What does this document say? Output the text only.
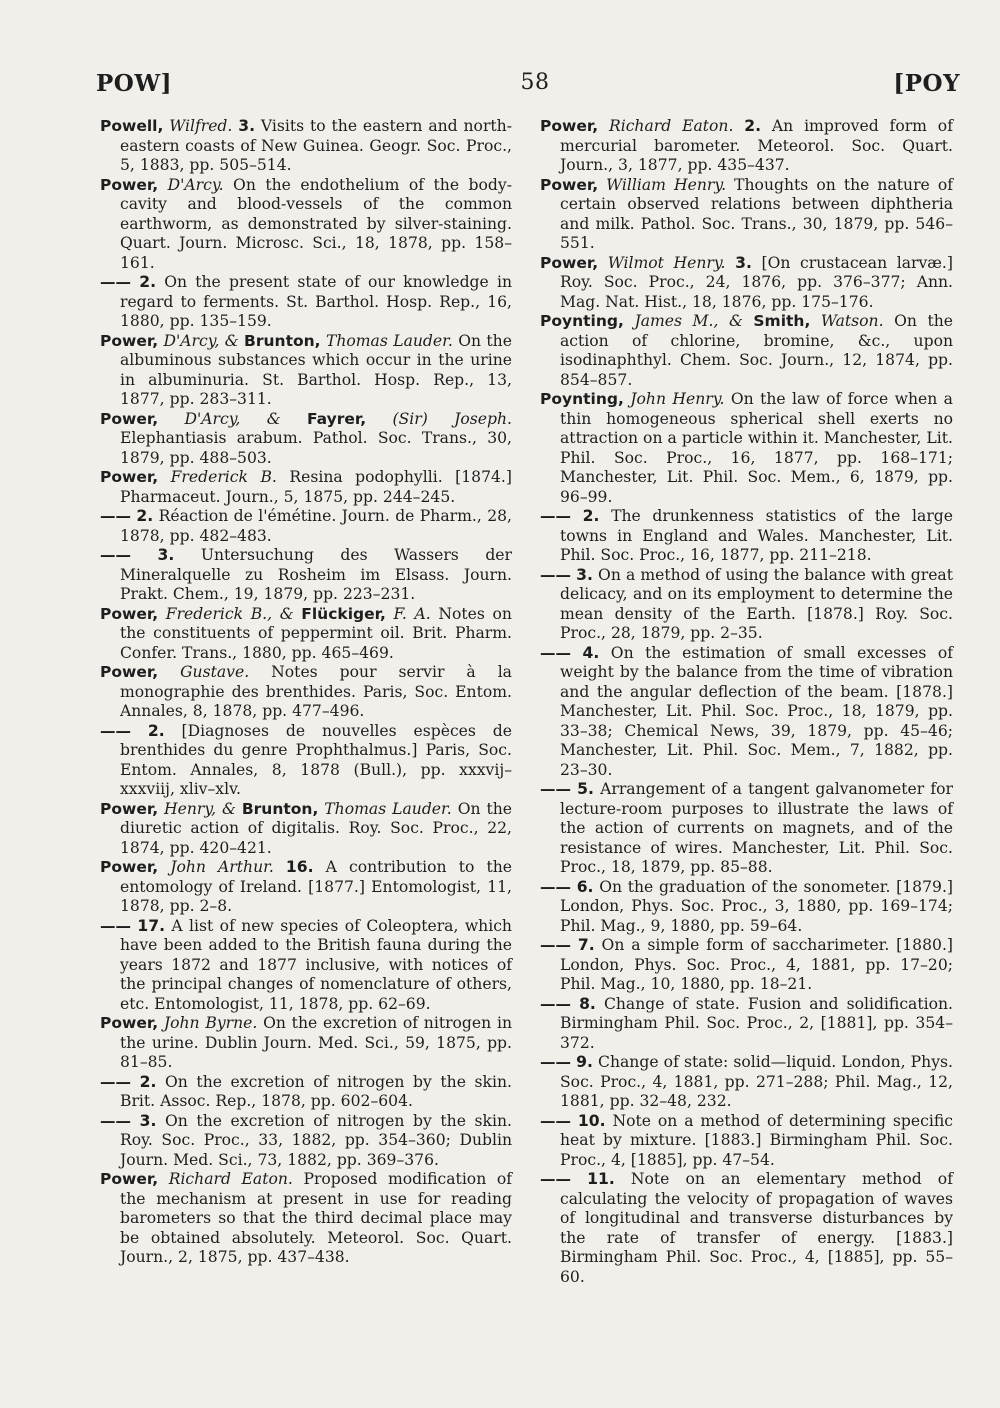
POW]	58	[POY
Powell, Wilfred. 3. Visits to the eastern and north-eastern coasts of New Guinea. Geogr. Soc. Proc., 5, 1883, pp. 505–514.
Power, D'Arcy. On the endothelium of the body-cavity and blood-vessels of the common earthworm, as demonstrated by silver-staining. Quart. Journ. Microsc. Sci., 18, 1878, pp. 158–161.
—— 2. On the present state of our knowledge in regard to ferments. St. Barthol. Hosp. Rep., 16, 1880, pp. 135–159.
Power, D'Arcy, & Brunton, Thomas Lauder. On the albuminous substances which occur in the urine in albuminuria. St. Barthol. Hosp. Rep., 13, 1877, pp. 283–311.
Power, D'Arcy, & Fayrer, (Sir) Joseph. Elephantiasis arabum. Pathol. Soc. Trans., 30, 1879, pp. 488–503.
Power, Frederick B. Resina podophylli. [1874.] Pharmaceut. Journ., 5, 1875, pp. 244–245.
—— 2. Réaction de l'émétine. Journ. de Pharm., 28, 1878, pp. 482–483.
—— 3. Untersuchung des Wassers der Mineralquelle zu Rosheim im Elsass. Journ. Prakt. Chem., 19, 1879, pp. 223–231.
Power, Frederick B., & Flückiger, F. A. Notes on the constituents of peppermint oil. Brit. Pharm. Confer. Trans., 1880, pp. 465–469.
Power, Gustave. Notes pour servir à la monographie des brenthides. Paris, Soc. Entom. Annales, 8, 1878, pp. 477–496.
—— 2. [Diagnoses de nouvelles espèces de brenthides du genre Prophthalmus.] Paris, Soc. Entom. Annales, 8, 1878 (Bull.), pp. xxxvij–xxxviij, xliv–xlv.
Power, Henry, & Brunton, Thomas Lauder. On the diuretic action of digitalis. Roy. Soc. Proc., 22, 1874, pp. 420–421.
Power, John Arthur. 16. A contribution to the entomology of Ireland. [1877.] Entomologist, 11, 1878, pp. 2–8.
—— 17. A list of new species of Coleoptera, which have been added to the British fauna during the years 1872 and 1877 inclusive, with notices of the principal changes of nomenclature of others, etc. Entomologist, 11, 1878, pp. 62–69.
Power, John Byrne. On the excretion of nitrogen in the urine. Dublin Journ. Med. Sci., 59, 1875, pp. 81–85.
—— 2. On the excretion of nitrogen by the skin. Brit. Assoc. Rep., 1878, pp. 602–604.
—— 3. On the excretion of nitrogen by the skin. Roy. Soc. Proc., 33, 1882, pp. 354–360; Dublin Journ. Med. Sci., 73, 1882, pp. 369–376.
Power, Richard Eaton. Proposed modification of the mechanism at present in use for reading barometers so that the third decimal place may be obtained absolutely. Meteorol. Soc. Quart. Journ., 2, 1875, pp. 437–438.
Power, Richard Eaton. 2. An improved form of mercurial barometer. Meteorol. Soc. Quart. Journ., 3, 1877, pp. 435–437.
Power, William Henry. Thoughts on the nature of certain observed relations between diphtheria and milk. Pathol. Soc. Trans., 30, 1879, pp. 546–551.
Power, Wilmot Henry. 3. [On crustacean larvæ.] Roy. Soc. Proc., 24, 1876, pp. 376–377; Ann. Mag. Nat. Hist., 18, 1876, pp. 175–176.
Poynting, James M., & Smith, Watson. On the action of chlorine, bromine, &c., upon isodinaphthyl. Chem. Soc. Journ., 12, 1874, pp. 854–857.
Poynting, John Henry. On the law of force when a thin homogeneous spherical shell exerts no attraction on a particle within it. Manchester, Lit. Phil. Soc. Proc., 16, 1877, pp. 168–171; Manchester, Lit. Phil. Soc. Mem., 6, 1879, pp. 96–99.
—— 2. The drunkenness statistics of the large towns in England and Wales. Manchester, Lit. Phil. Soc. Proc., 16, 1877, pp. 211–218.
—— 3. On a method of using the balance with great delicacy, and on its employment to determine the mean density of the Earth. [1878.] Roy. Soc. Proc., 28, 1879, pp. 2–35.
—— 4. On the estimation of small excesses of weight by the balance from the time of vibration and the angular deflection of the beam. [1878.] Manchester, Lit. Phil. Soc. Proc., 18, 1879, pp. 33–38; Chemical News, 39, 1879, pp. 45–46; Manchester, Lit. Phil. Soc. Mem., 7, 1882, pp. 23–30.
—— 5. Arrangement of a tangent galvanometer for lecture-room purposes to illustrate the laws of the action of currents on magnets, and of the resistance of wires. Manchester, Lit. Phil. Soc. Proc., 18, 1879, pp. 85–88.
—— 6. On the graduation of the sonometer. [1879.] London, Phys. Soc. Proc., 3, 1880, pp. 169–174; Phil. Mag., 9, 1880, pp. 59–64.
—— 7. On a simple form of saccharimeter. [1880.] London, Phys. Soc. Proc., 4, 1881, pp. 17–20; Phil. Mag., 10, 1880, pp. 18–21.
—— 8. Change of state. Fusion and solidification. Birmingham Phil. Soc. Proc., 2, [1881], pp. 354–372.
—— 9. Change of state: solid—liquid. London, Phys. Soc. Proc., 4, 1881, pp. 271–288; Phil. Mag., 12, 1881, pp. 32–48, 232.
—— 10. Note on a method of determining specific heat by mixture. [1883.] Birmingham Phil. Soc. Proc., 4, [1885], pp. 47–54.
—— 11. Note on an elementary method of calculating the velocity of propagation of waves of longitudinal and transverse disturbances by the rate of transfer of energy. [1883.] Birmingham Phil. Soc. Proc., 4, [1885], pp. 55–60.
